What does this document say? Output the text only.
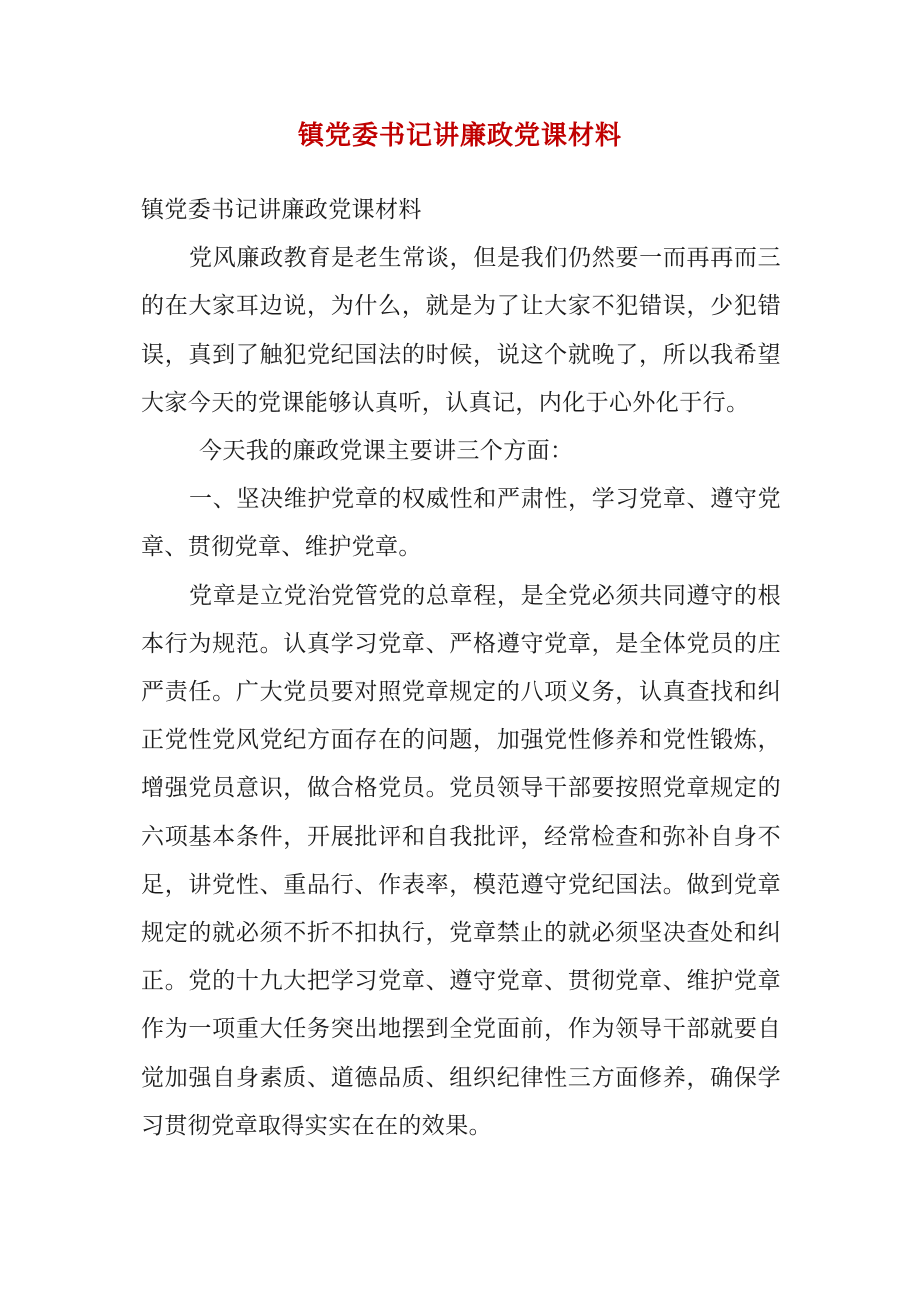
镇党委书记讲廉政党课材料

镇党委书记讲廉政党课材料

党风廉政教育是老生常谈，但是我们仍然要一而再再而三的在大家耳边说，为什么，就是为了让大家不犯错误，少犯错误，真到了触犯党纪国法的时候，说这个就晚了，所以我希望大家今天的党课能够认真听，认真记，内化于心外化于行。

今天我的廉政党课主要讲三个方面：

一、坚决维护党章的权威性和严肃性，学习党章、遵守党章、贯彻党章、维护党章。

党章是立党治党管党的总章程，是全党必须共同遵守的根本行为规范。认真学习党章、严格遵守党章，是全体党员的庄严责任。广大党员要对照党章规定的八项义务，认真查找和纠正党性党风党纪方面存在的问题，加强党性修养和党性锻炼，增强党员意识，做合格党员。党员领导干部要按照党章规定的六项基本条件，开展批评和自我批评，经常检查和弥补自身不足，讲党性、重品行、作表率，模范遵守党纪国法。做到党章规定的就必须不折不扣执行，党章禁止的就必须坚决查处和纠正。党的十九大把学习党章、遵守党章、贯彻党章、维护党章作为一项重大任务突出地摆到全党面前，作为领导干部就要自觉加强自身素质、道德品质、组织纪律性三方面修养，确保学习贯彻党章取得实实在在的效果。
